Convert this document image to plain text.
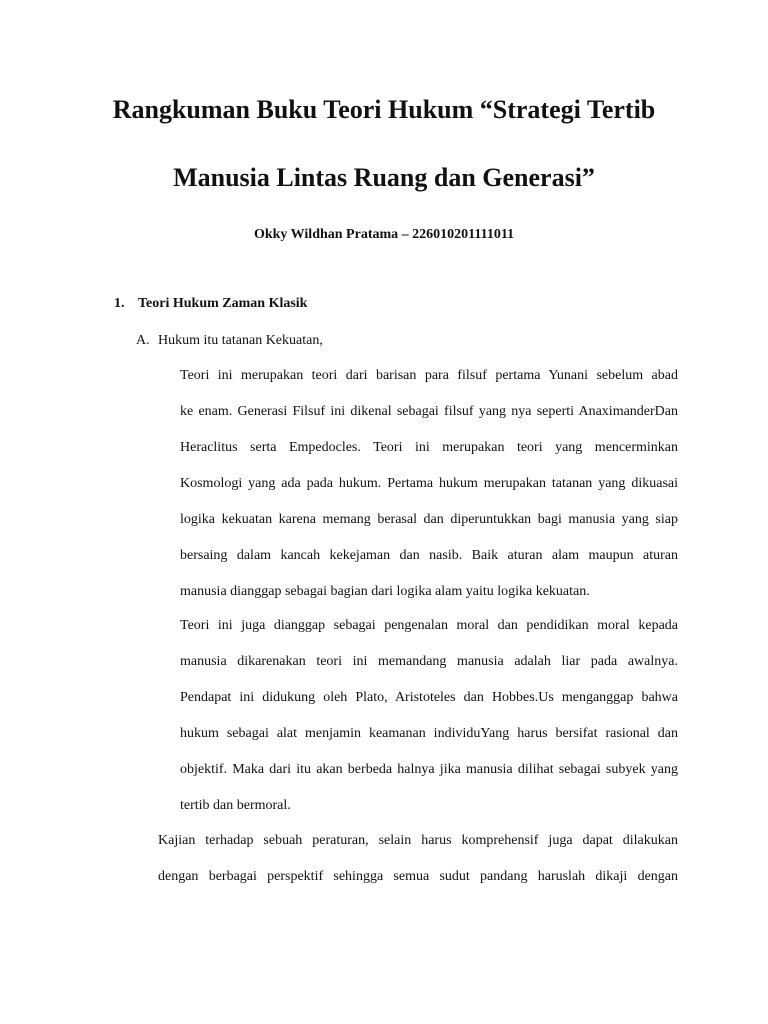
Rangkuman Buku Teori Hukum “Strategi Tertib
Manusia Lintas Ruang dan Generasi”
Okky Wildhan Pratama – 226010201111011
1. Teori Hukum Zaman Klasik
A. Hukum itu tatanan Kekuatan,

Teori ini merupakan teori dari barisan para filsuf pertama Yunani sebelum abad
ke enam. Generasi Filsuf ini dikenal sebagai filsuf yang nya seperti AnaximanderDan
Heraclitus serta Empedocles. Teori ini merupakan teori yang mencerminkan
Kosmologi yang ada pada hukum. Pertama hukum merupakan tatanan yang dikuasai
logika kekuatan karena memang berasal dan diperuntukkan bagi manusia yang siap
bersaing dalam kancah kekejaman dan nasib. Baik aturan alam maupun aturan
manusia dianggap sebagai bagian dari logika alam yaitu logika kekuatan.

Teori ini juga dianggap sebagai pengenalan moral dan pendidikan moral kepada
manusia dikarenakan teori ini memandang manusia adalah liar pada awalnya.
Pendapat ini didukung oleh Plato, Aristoteles dan Hobbes.Us menganggap bahwa
hukum sebagai alat menjamin keamanan individuYang harus bersifat rasional dan
objektif. Maka dari itu akan berbeda halnya jika manusia dilihat sebagai subyek yang
tertib dan bermoral.

Kajian terhadap sebuah peraturan, selain harus komprehensif juga dapat dilakukan
dengan berbagai perspektif sehingga semua sudut pandang haruslah dikaji dengan
